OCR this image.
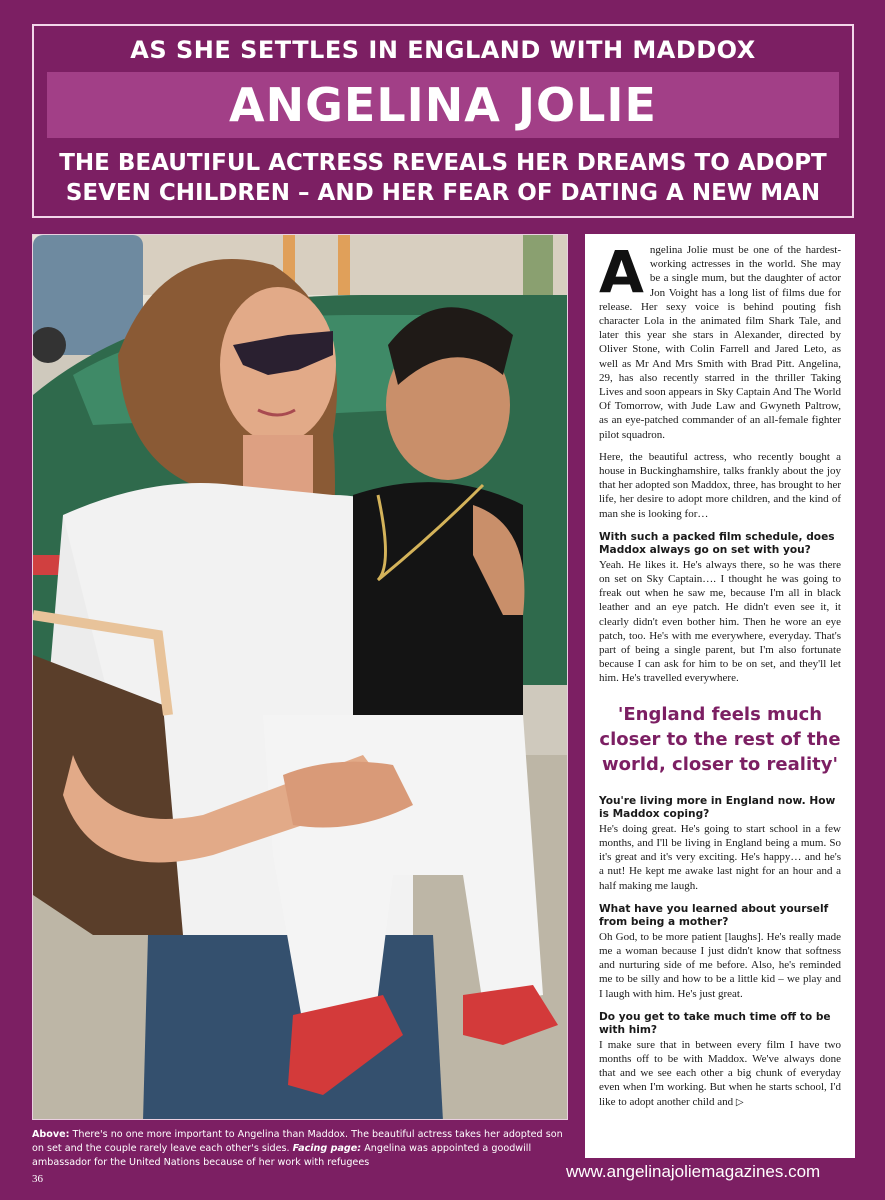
AS SHE SETTLES IN ENGLAND WITH MADDOX
ANGELINA JOLIE
THE BEAUTIFUL ACTRESS REVEALS HER DREAMS TO ADOPT
SEVEN CHILDREN – AND HER FEAR OF DATING A NEW MAN
Above: There's no one more important to Angelina than Maddox. The beautiful actress takes her adopted son on set and the couple rarely leave each other's sides. Facing page: Angelina was appointed a goodwill ambassador for the United Nations because of her work with refugees
36	www.angelinajoliemagazines.com

Angelina Jolie must be one of the hardest-working actresses in the world. She may be a single mum, but the daughter of actor Jon Voight has a long list of films due for release. Her sexy voice is behind pouting fish character Lola in the animated film Shark Tale, and later this year she stars in Alexander, directed by Oliver Stone, with Colin Farrell and Jared Leto, as well as Mr And Mrs Smith with Brad Pitt. Angelina, 29, has also recently starred in the thriller Taking Lives and soon appears in Sky Captain And The World Of Tomorrow, with Jude Law and Gwyneth Paltrow, as an eye-patched commander of an all-female fighter pilot squadron.

Here, the beautiful actress, who recently bought a house in Buckinghamshire, talks frankly about the joy that her adopted son Maddox, three, has brought to her life, her desire to adopt more children, and the kind of man she is looking for…

With such a packed film schedule, does Maddox always go on set with you?

Yeah. He likes it. He's always there, so he was there on set on Sky Captain…. I thought he was going to freak out when he saw me, because I'm all in black leather and an eye patch. He didn't even see it, it clearly didn't even bother him. Then he wore an eye patch, too. He's with me everywhere, everyday. That's part of being a single parent, but I'm also fortunate because I can ask for him to be on set, and they'll let him. He's travelled everywhere.

'England feels much closer to the rest of the world, closer to reality'
You're living more in England now. How is Maddox coping?

He's doing great. He's going to start school in a few months, and I'll be living in England being a mum. So it's great and it's very exciting. He's happy… and he's a nut! He kept me awake last night for an hour and a half making me laugh.

What have you learned about yourself from being a mother?

Oh God, to be more patient [laughs]. He's really made me a woman because I just didn't know that softness and nurturing side of me before. Also, he's reminded me to be silly and how to be a little kid – we play and I laugh with him. He's just great.

Do you get to take much time off to be with him?

I make sure that in between every film I have two months off to be with Maddox. We've always done that and we see each other a big chunk of everyday even when I'm working. But when he starts school, I'd like to adopt another child and ▷
